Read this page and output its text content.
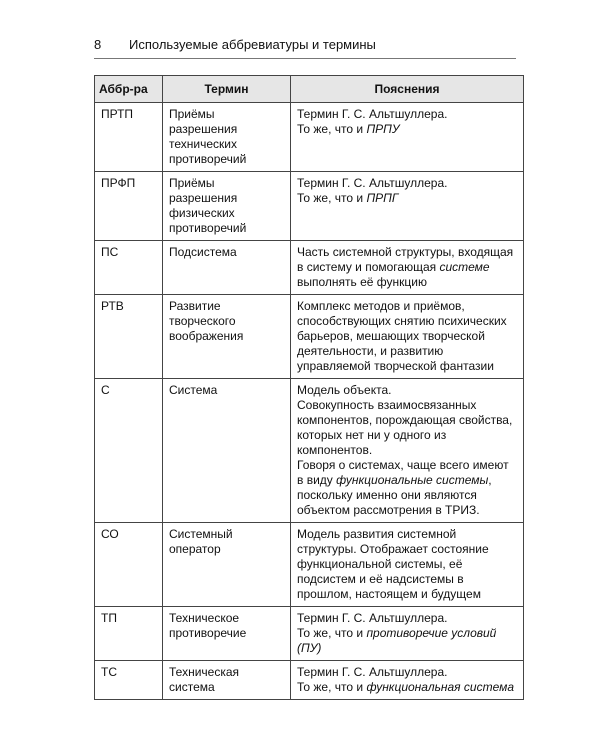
8	Используемые аббревиатуры и термины
Аббр-ра	Термин	Пояснения
ПРТП	Приёмы разрешения технических противоречий	Термин Г. С. Альтшуллера.
То же, что и ПРПУ
ПРФП	Приёмы разрешения физических противоречий	Термин Г. С. Альтшуллера.
То же, что и ПРПГ
ПС	Подсистема	Часть системной структуры, входящая в систему и помогающая системе выполнять её функцию
РТВ	Развитие творческого воображения	Комплекс методов и приёмов, способствующих снятию психических барьеров, мешающих творческой деятельности, и развитию управляемой творческой фантазии
С	Система	Модель объекта.
Совокупность взаимосвязанных компонентов, порождающая свойства, которых нет ни у одного из компонентов.
Говоря о системах, чаще всего имеют в виду функциональные системы, поскольку именно они являются объектом рассмотрения в ТРИЗ.
СО	Системный оператор	Модель развития системной структуры. Отображает состояние функциональной системы, её подсистем и её надсистемы в прошлом, настоящем и будущем
ТП	Техническое противоречие	Термин Г. С. Альтшуллера.
То же, что и противоречие условий (ПУ)
ТС	Техническая система	Термин Г. С. Альтшуллера.
То же, что и функциональная система
